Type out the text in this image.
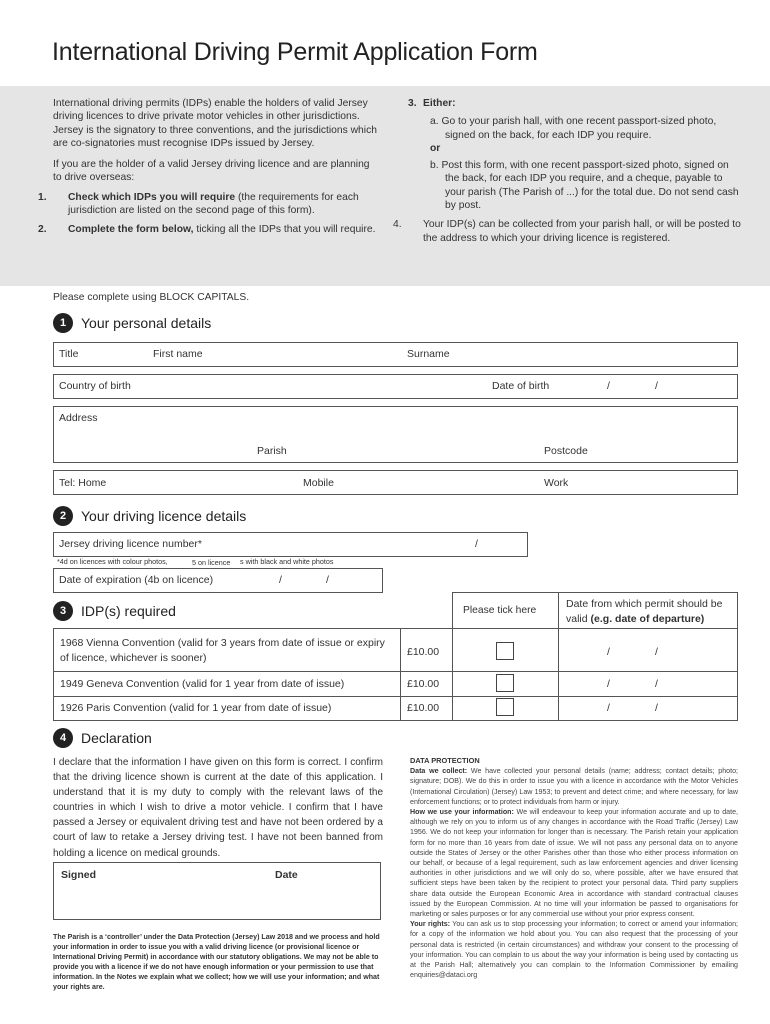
International Driving Permit Application Form

International driving permits (IDPs) enable the holders of valid Jersey driving licences to drive private motor vehicles in other jurisdictions. Jersey is the signatory to three conventions, and the jurisdictions which are co-signatories must recognise IDPs issued by Jersey.

If you are the holder of a valid Jersey driving licence and are planning to drive overseas:

1. Check which IDPs you will require (the requirements for each jurisdiction are listed on the second page of this form).
2. Complete the form below, ticking all the IDPs that you will require.
3. Either:
a. Go to your parish hall, with one recent passport-sized photo, signed on the back, for each IDP you require.
or
b. Post this form, with one recent passport-sized photo, signed on the back, for each IDP you require, and a cheque, payable to your parish (The Parish of ...) for the total due. Do not send cash by post.
4. Your IDP(s) can be collected from your parish hall, or will be posted to the address to which your driving licence is registered.
Please complete using BLOCK CAPITALS.
1	Your personal details
Title	First name	Surname
Country of birth	Date of birth	/	/
Address
Parish	Postcode
Tel: Home	Mobile	Work
2	Your driving licence details
Jersey driving licence number*	/
*4d on licences with colour photos,	5 on licence s with black and white photos
Date of expiration (4b on licence)	/	/
3	IDP(s) required	Please tick here
Date from which permit should be valid (e.g. date of departure)
1968 Vienna Convention (valid for 3 years from date of issue or expiry of licence, whichever is sooner)	£10.00	/	/
1949 Geneva Convention (valid for 1 year from date of issue)	£10.00	/	/
1926 Paris Convention (valid for 1 year from date of issue)	£10.00	/	/
4	Declaration
I declare that the information I have given on this form is correct. I confirm that the driving licence shown is current at the date of this application. I understand that it is my duty to comply with the relevant laws of the countries in which I wish to drive a motor vehicle. I confirm that I have passed a Jersey or equivalent driving test and have not been ordered by a court of law to retake a Jersey driving test. I have not been banned from holding a licence on medical grounds.
Signed	Date
The Parish is a ‘controller’ under the Data Protection (Jersey) Law 2018 and we process and hold your information in order to issue you with a valid driving licence (or provisional licence or International Driving Permit) in accordance with our statutory obligations. We may not be able to provide you with a licence if we do not have enough information or your permission to use that information. In the Notes we explain what we collect; how we will use your information; and what your rights are.
DATA PROTECTION
Data we collect: We have collected your personal details (name; address; contact details; photo; signature; DOB). We do this in order to issue you with a licence in accordance with the Motor Vehicles (International Circulation) (Jersey) Law 1953; to prevent and detect crime; and where necessary, for law enforcement functions; or to protect individuals from harm or injury.
How we use your information: We will endeavour to keep your information accurate and up to date, although we rely on you to inform us of any changes in accordance with the Road Traffic (Jersey) Law 1956. We do not keep your information for longer than is necessary. The Parish retain your application form for no more than 16 years from date of issue. We will not pass any personal data on to anyone outside the States of Jersey or the other Parishes other than those who either process information on our behalf, or because of a legal requirement, such as law enforcement agencies and driver licensing authorities in other jurisdictions and we will only do so, where possible, after we have ensured that sufficient steps have been taken by the recipient to protect your personal data. Third party suppliers share data outside the European Economic Area in accordance with standard contractual clauses issued by the European Commission. At no time will your information be passed to organisations for marketing or sales purposes or for any commercial use without your prior express consent.
Your rights: You can ask us to stop processing your information; to correct or amend your information; for a copy of the information we hold about you. You can also request that the processing of your personal data is restricted (in certain circumstances) and withdraw your consent to the processing of your information. You can complain to us about the way your information is being used by contacting us at the Parish Hall; alternatively you can complain to the Information Commissioner by emailing enquiries@dataci.org
